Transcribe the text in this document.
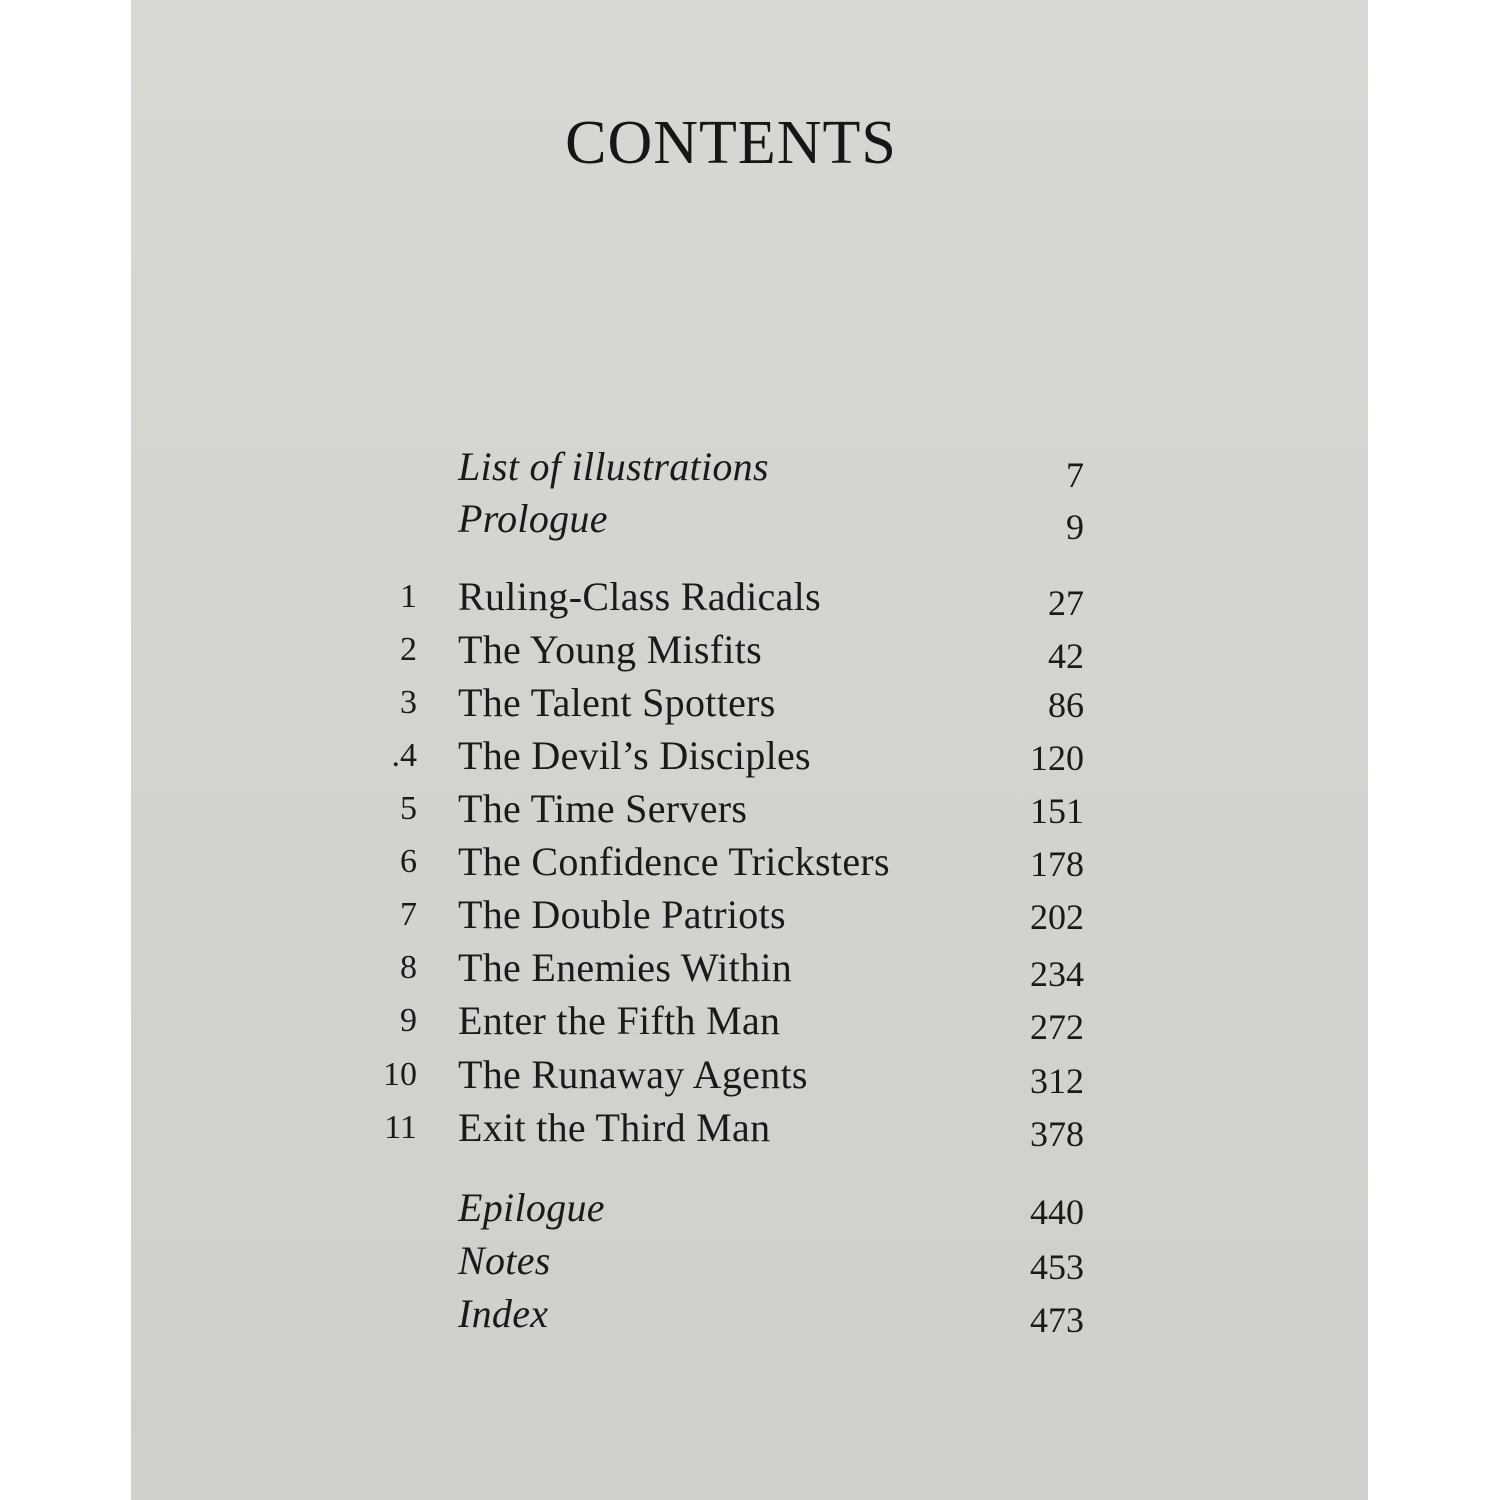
CONTENTS
List of illustrations	7
Prologue	9
1 Ruling-Class Radicals	27
2 The Young Misfits	42
3 The Talent Spotters	86
.4 The Devil’s Disciples	120
5 The Time Servers	151
6 The Confidence Tricksters	178
7 The Double Patriots	202
8 The Enemies Within	234
9 Enter the Fifth Man	272
10 The Runaway Agents	312
11 Exit the Third Man	378
Epilogue	440
Notes	453
Index	473
